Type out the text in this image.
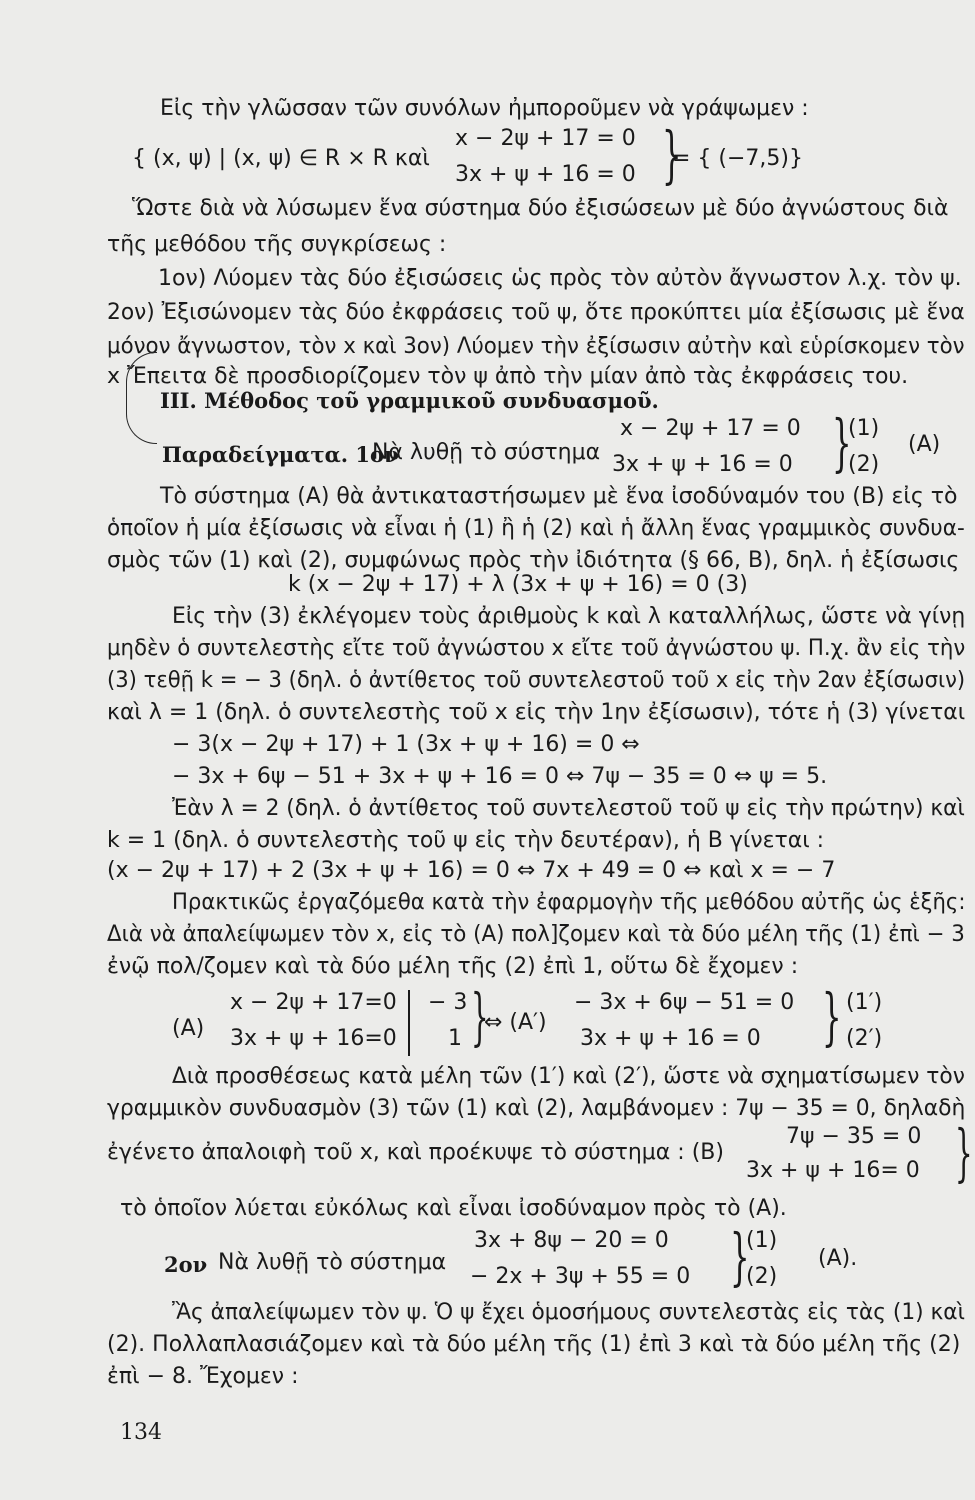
Εἰς τὴν γλῶσσαν τῶν συνόλων ἠμποροῦμεν νὰ γράψωμεν :
x − 2ψ + 17 = 0
{ (x, ψ) | (x, ψ) ∈ R × R καὶ
3x + ψ + 16 = 0 }
= { (−7,5)}
Ὥστε διὰ νὰ λύσωμεν ἕνα σύστημα δύο ἐξισώσεων μὲ δύο ἀγνώστους διὰ
τῆς μεθόδου τῆς συγκρίσεως :
1ον) Λύομεν τὰς δύο ἐξισώσεις ὡς πρὸς τὸν αὐτὸν ἄγνωστον λ.χ. τὸν ψ.
2ον) Ἐξισώνομεν τὰς δύο ἐκφράσεις τοῦ ψ, ὅτε προκύπτει μία ἐξίσωσις μὲ ἕνα
μόνον ἄγνωστον, τὸν x καὶ 3ον) Λύομεν τὴν ἐξίσωσιν αὐτὴν καὶ εὑρίσκομεν τὸν
x Ἔπειτα δὲ προσδιορίζομεν τὸν ψ ἀπὸ τὴν μίαν ἀπὸ τὰς ἐκφράσεις του.
III. Μέθοδος τοῦ γραμμικοῦ συνδυασμοῦ.
x − 2ψ + 17 = 0 (1)
Παραδείγματα. 1ον
Νὰ λυθῇ τὸ σύστημα 3x + ψ + 16 = 0 }
(2)
(A)
Τὸ σύστημα (A) θὰ ἀντικαταστήσωμεν μὲ ἕνα ἰσοδύναμόν του (B) εἰς τὸ
ὁποῖον ἡ μία ἐξίσωσις νὰ εἶναι ἡ (1) ἢ ἡ (2) καὶ ἡ ἄλλη ἕνας γραμμικὸς συνδυα-
σμὸς τῶν (1) καὶ (2), συμφώνως πρὸς τὴν ἰδιότητα (§ 66, B), δηλ. ἡ ἐξίσωσις
k (x − 2ψ + 17) + λ (3x + ψ + 16) = 0 (3)
Εἰς τὴν (3) ἐκλέγομεν τοὺς ἀριθμοὺς k καὶ λ καταλλήλως, ὥστε νὰ γίνῃ
μηδὲν ὁ συντελεστὴς εἴτε τοῦ ἀγνώστου x εἴτε τοῦ ἀγνώστου ψ. Π.χ. ἂν εἰς τὴν
(3) τεθῇ k = − 3 (δηλ. ὁ ἀντίθετος τοῦ συντελεστοῦ τοῦ x εἰς τὴν 2αν ἐξίσωσιν)
καὶ λ = 1 (δηλ. ὁ συντελεστὴς τοῦ x εἰς τὴν 1ην ἐξίσωσιν), τότε ἡ (3) γίνεται
− 3(x − 2ψ + 17) + 1 (3x + ψ + 16) = 0 ⇔
− 3x + 6ψ − 51 + 3x + ψ + 16 = 0 ⇔ 7ψ − 35 = 0 ⇔ ψ = 5.
Ἐὰν λ = 2 (δηλ. ὁ ἀντίθετος τοῦ συντελεστοῦ τοῦ ψ εἰς τὴν πρώτην) καὶ
k = 1 (δηλ. ὁ συντελεστὴς τοῦ ψ εἰς τὴν δευτέραν), ἡ B γίνεται :
(x − 2ψ + 17) + 2 (3x + ψ + 16) = 0 ⇔ 7x + 49 = 0 ⇔ καὶ x = − 7
Πρακτικῶς ἐργαζόμεθα κατὰ τὴν ἐφαρμογὴν τῆς μεθόδου αὐτῆς ὡς ἑξῆς:
Διὰ νὰ ἀπαλείψωμεν τὸν x, εἰς τὸ (A) πολ]ζομεν καὶ τὰ δύο μέλη τῆς (1) ἐπὶ − 3
ἐνῷ πολ/ζομεν καὶ τὰ δύο μέλη τῆς (2) ἐπὶ 1, οὕτω δὲ ἔχομεν :
x − 2ψ + 17=0
3x + ψ + 16=0
(A)
− 3
1 }
⇔ (A′)
− 3x + 6ψ − 51 = 0
3x + ψ + 16 = 0 } (1′)
(2′)
Διὰ προσθέσεως κατὰ μέλη τῶν (1′) καὶ (2′), ὥστε νὰ σχηματίσωμεν τὸν
γραμμικὸν συνδυασμὸν (3) τῶν (1) καὶ (2), λαμβάνομεν : 7ψ − 35 = 0, δηλαδὴ
7ψ − 35 = 0
ἐγένετο ἀπαλοιφὴ τοῦ x, καὶ προέκυψε τὸ σύστημα : (B)
3x + ψ + 16= 0 }
τὸ ὁποῖον λύεται εὐκόλως καὶ εἶναι ἰσοδύναμον πρὸς τὸ (A).
3x + 8ψ − 20 = 0	(1)
2ον Νὰ λυθῇ τὸ σύστημα
− 2x + 3ψ + 55 = 0 }
(2)
(A).
Ἂς ἀπαλείψωμεν τὸν ψ. Ὁ ψ ἔχει ὁμοσήμους συντελεστὰς εἰς τὰς (1) καὶ
(2). Πολλαπλασιάζομεν καὶ τὰ δύο μέλη τῆς (1) ἐπὶ 3 καὶ τὰ δύο μέλη τῆς (2)
ἐπὶ − 8. Ἔχομεν :
134
